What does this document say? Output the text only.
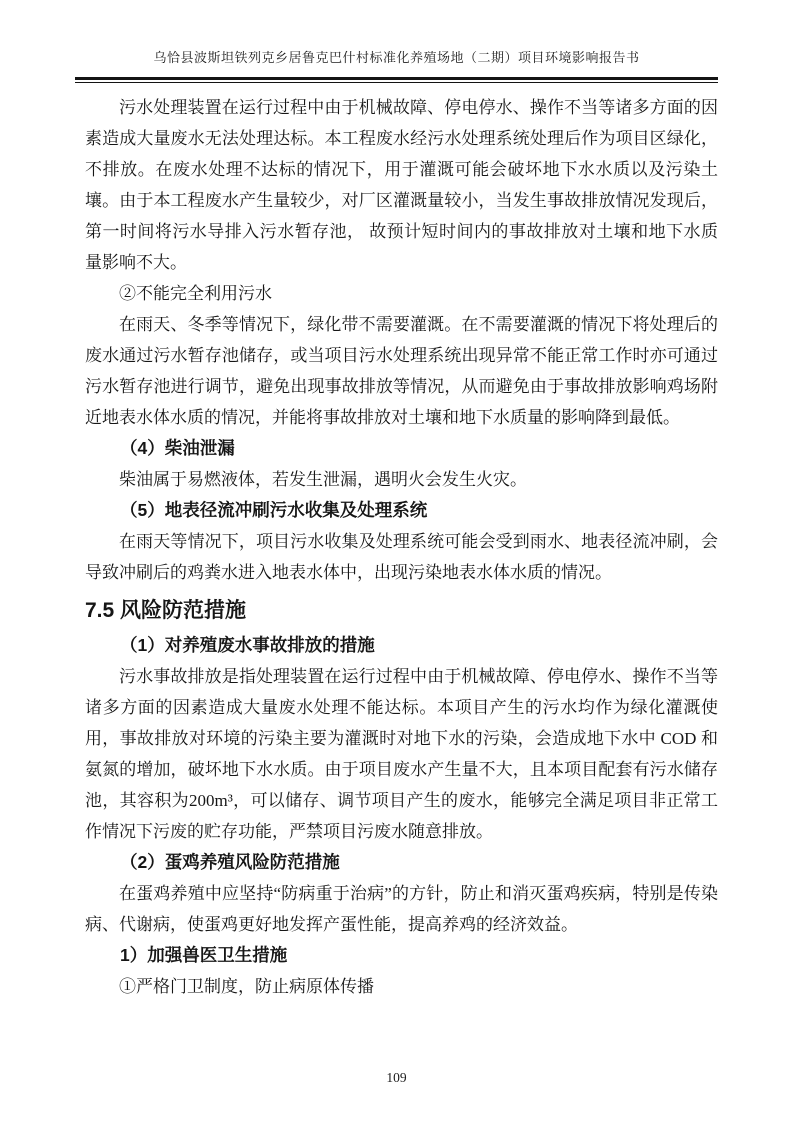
乌恰县波斯坦铁列克乡居鲁克巴什村标准化养殖场地（二期）项目环境影响报告书

污水处理装置在运行过程中由于机械故障、停电停水、操作不当等诸多方面的因素造成大量废水无法处理达标。本工程废水经污水处理系统处理后作为项目区绿化，不排放。在废水处理不达标的情况下，用于灌溉可能会破坏地下水水质以及污染土壤。由于本工程废水产生量较少，对厂区灌溉量较小，当发生事故排放情况发现后，第一时间将污水导排入污水暂存池， 故预计短时间内的事故排放对土壤和地下水质量影响不大。

②不能完全利用污水

在雨天、冬季等情况下，绿化带不需要灌溉。在不需要灌溉的情况下将处理后的废水通过污水暂存池储存，或当项目污水处理系统出现异常不能正常工作时亦可通过污水暂存池进行调节，避免出现事故排放等情况，从而避免由于事故排放影响鸡场附近地表水体水质的情况，并能将事故排放对土壤和地下水质量的影响降到最低。

（4）柴油泄漏

柴油属于易燃液体，若发生泄漏，遇明火会发生火灾。

（5）地表径流冲刷污水收集及处理系统

在雨天等情况下，项目污水收集及处理系统可能会受到雨水、地表径流冲刷，会导致冲刷后的鸡粪水进入地表水体中，出现污染地表水体水质的情况。

7.5 风险防范措施

（1）对养殖废水事故排放的措施

污水事故排放是指处理装置在运行过程中由于机械故障、停电停水、操作不当等诸多方面的因素造成大量废水处理不能达标。本项目产生的污水均作为绿化灌溉使用，事故排放对环境的污染主要为灌溉时对地下水的污染，会造成地下水中 COD 和氨氮的增加，破坏地下水水质。由于项目废水产生量不大，且本项目配套有污水储存池，其容积为200m³，可以储存、调节项目产生的废水，能够完全满足项目非正常工作情况下污废的贮存功能，严禁项目污废水随意排放。

（2）蛋鸡养殖风险防范措施

在蛋鸡养殖中应坚持“防病重于治病”的方针，防止和消灭蛋鸡疾病，特别是传染病、代谢病，使蛋鸡更好地发挥产蛋性能，提高养鸡的经济效益。

1）加强兽医卫生措施

①严格门卫制度，防止病原体传播

109
